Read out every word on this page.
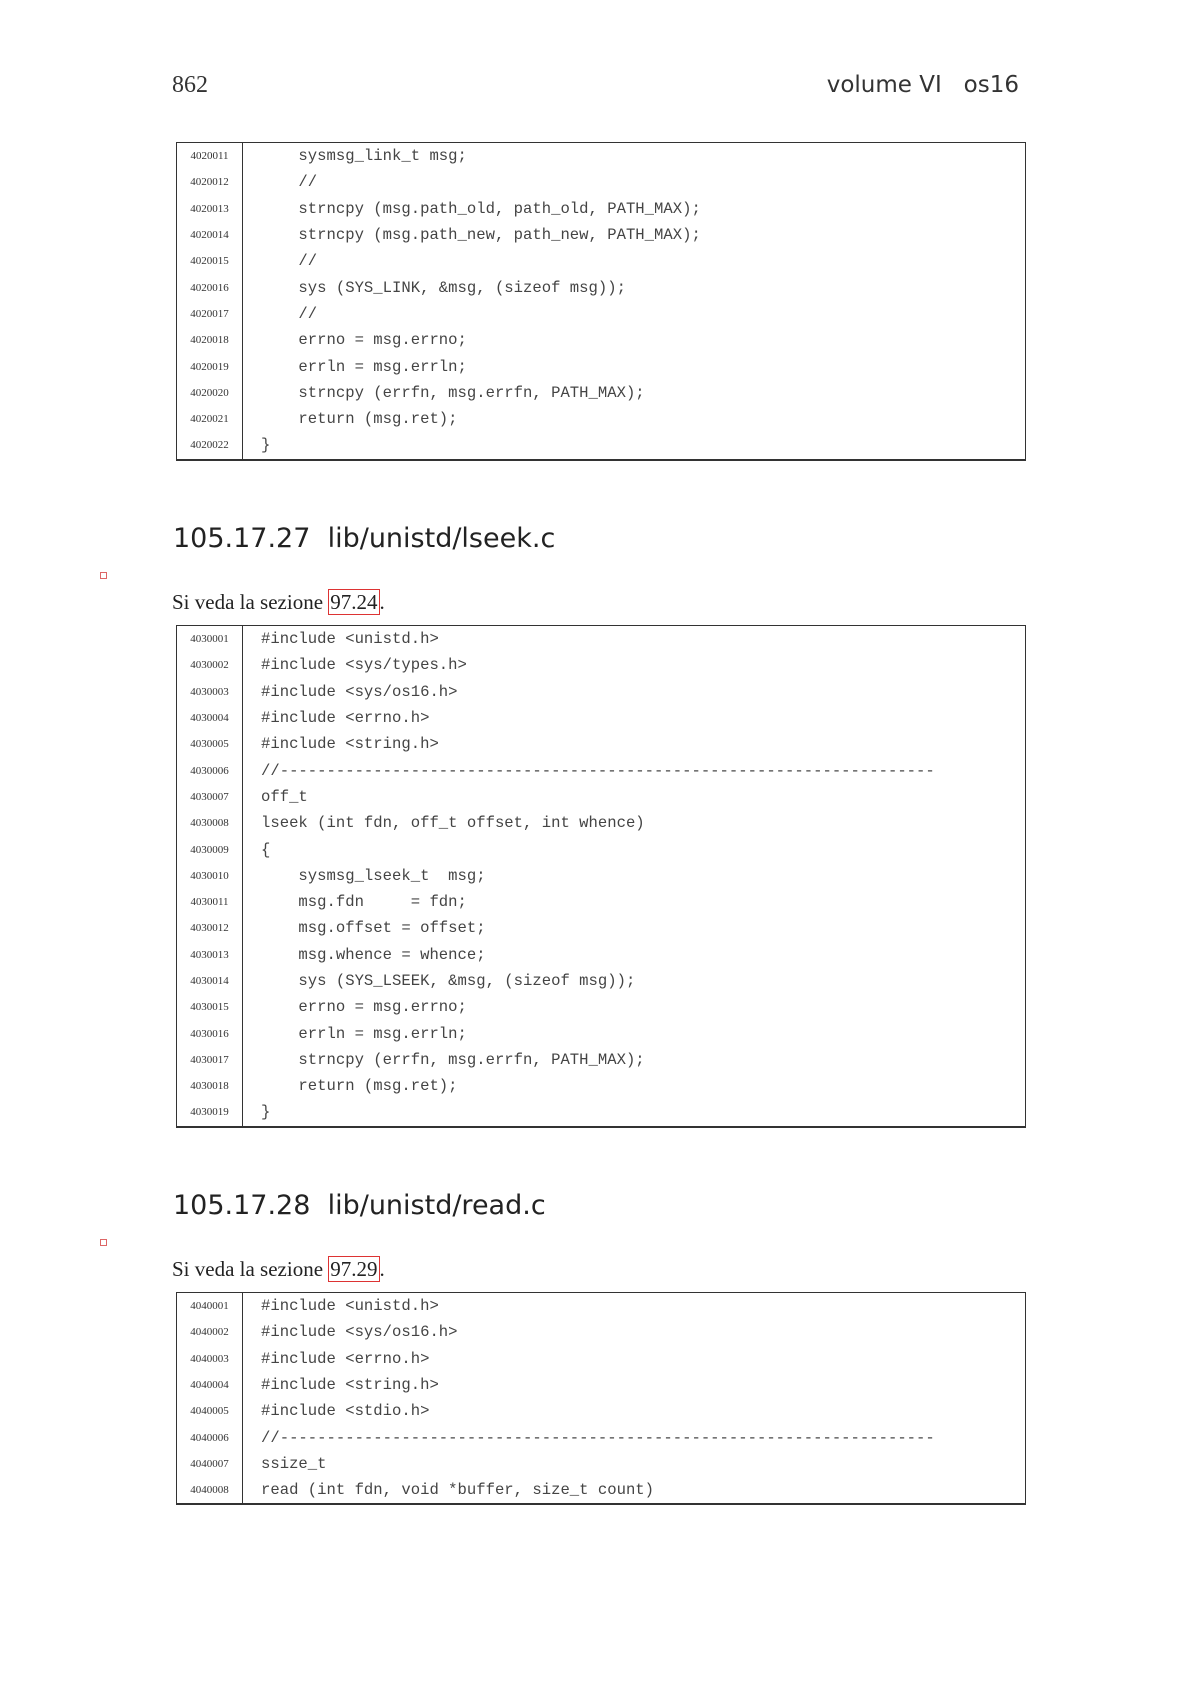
862	volume VI   os16
4020011	sysmsg_link_t msg;
4020012	//
4020013	strncpy (msg.path_old, path_old, PATH_MAX);
4020014	strncpy (msg.path_new, path_new, PATH_MAX);
4020015	//
4020016	sys (SYS_LINK, &msg, (sizeof msg));
4020017	//
4020018	errno = msg.errno;
4020019	errln = msg.errln;
4020020	strncpy (errfn, msg.errfn, PATH_MAX);
4020021	return (msg.ret);
4020022	}
105.17.27  lib/unistd/lseek.c
Si veda la sezione 97.24.
4030001	#include <unistd.h>
4030002	#include <sys/types.h>
4030003	#include <sys/os16.h>
4030004	#include <errno.h>
4030005	#include <string.h>
4030006	//----------------------------------------------------------------------
4030007	off_t
4030008	lseek (int fdn, off_t offset, int whence)
4030009	{
4030010	sysmsg_lseek_t  msg;
4030011	msg.fdn     = fdn;
4030012	msg.offset = offset;
4030013	msg.whence = whence;
4030014	sys (SYS_LSEEK, &msg, (sizeof msg));
4030015	errno = msg.errno;
4030016	errln = msg.errln;
4030017	strncpy (errfn, msg.errfn, PATH_MAX);
4030018	return (msg.ret);
4030019	}
105.17.28  lib/unistd/read.c
Si veda la sezione 97.29.
4040001	#include <unistd.h>
4040002	#include <sys/os16.h>
4040003	#include <errno.h>
4040004	#include <string.h>
4040005	#include <stdio.h>
4040006	//----------------------------------------------------------------------
4040007	ssize_t
4040008	read (int fdn, void *buffer, size_t count)
